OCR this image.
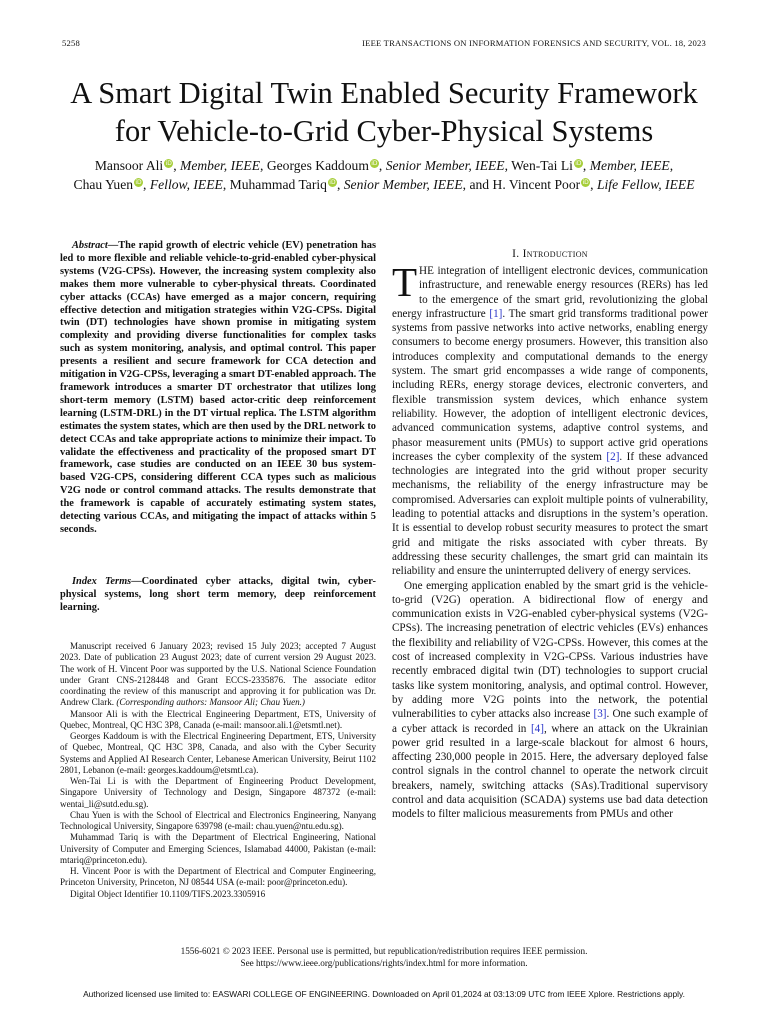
5258	IEEE TRANSACTIONS ON INFORMATION FORENSICS AND SECURITY, VOL. 18, 2023
A Smart Digital Twin Enabled Security Framework
for Vehicle-to-Grid Cyber-Physical Systems
Mansoor Ali iD, Member, IEEE, Georges Kaddoum iD, Senior Member, IEEE, Wen-Tai Li iD, Member, IEEE,
Chau Yuen iD, Fellow, IEEE, Muhammad Tariq iD, Senior Member, IEEE, and H. Vincent Poor iD, Life Fellow, IEEE

Abstract—The rapid growth of electric vehicle (EV) penetration has led to more flexible and reliable vehicle-to-grid-enabled cyber-physical systems (V2G-CPSs). However, the increasing system complexity also makes them more vulnerable to cyber-physical threats. Coordinated cyber attacks (CCAs) have emerged as a major concern, requiring effective detection and mitigation strategies within V2G-CPSs. Digital twin (DT) technologies have shown promise in mitigating system complexity and providing diverse functionalities for complex tasks such as system monitoring, analysis, and optimal control. This paper presents a resilient and secure framework for CCA detection and mitigation in V2G-CPSs, leveraging a smart DT-enabled approach. The framework introduces a smarter DT orchestrator that utilizes long short-term memory (LSTM) based actor-critic deep reinforcement learning (LSTM-DRL) in the DT virtual replica. The LSTM algorithm estimates the system states, which are then used by the DRL network to detect CCAs and take appropriate actions to minimize their impact. To validate the effectiveness and practicality of the proposed smart DT framework, case studies are conducted on an IEEE 30 bus system-based V2G-CPS, considering different CCA types such as malicious V2G node or control command attacks. The results demonstrate that the framework is capable of accurately estimating system states, detecting various CCAs, and mitigating the impact of attacks within 5 seconds.

Index Terms—Coordinated cyber attacks, digital twin, cyber-physical systems, long short term memory, deep reinforcement learning.

Manuscript received 6 January 2023; revised 15 July 2023; accepted 7 August 2023. Date of publication 23 August 2023; date of current version 29 August 2023. The work of H. Vincent Poor was supported by the U.S. National Science Foundation under Grant CNS-2128448 and Grant ECCS-2335876. The associate editor coordinating the review of this manuscript and approving it for publication was Dr. Andrew Clark. (Corresponding authors: Mansoor Ali; Chau Yuen.)

Mansoor Ali is with the Electrical Engineering Department, ETS, University of Quebec, Montreal, QC H3C 3P8, Canada (e-mail: mansoor.ali.1@etsmtl.net).

Georges Kaddoum is with the Electrical Engineering Department, ETS, University of Quebec, Montreal, QC H3C 3P8, Canada, and also with the Cyber Security Systems and Applied AI Research Center, Lebanese American University, Beirut 1102 2801, Lebanon (e-mail: georges.kaddoum@etsmtl.ca).

Wen-Tai Li is with the Department of Engineering Product Development, Singapore University of Technology and Design, Singapore 487372 (e-mail: wentai_li@sutd.edu.sg).

Chau Yuen is with the School of Electrical and Electronics Engineering, Nanyang Technological University, Singapore 639798 (e-mail: chau.yuen@ntu.edu.sg).

Muhammad Tariq is with the Department of Electrical Engineering, National University of Computer and Emerging Sciences, Islamabad 44000, Pakistan (e-mail: mtariq@princeton.edu).

H. Vincent Poor is with the Department of Electrical and Computer Engineering, Princeton University, Princeton, NJ 08544 USA (e-mail: poor@princeton.edu).

Digital Object Identifier 10.1109/TIFS.2023.3305916

I. Introduction

THE integration of intelligent electronic devices, communication infrastructure, and renewable energy resources (RERs) has led to the emergence of the smart grid, revolutionizing the global energy infrastructure [1]. The smart grid transforms traditional power systems from passive networks into active networks, enabling energy consumers to become energy prosumers. However, this transition also introduces complexity and computational demands to the energy system. The smart grid encompasses a wide range of components, including RERs, energy storage devices, electronic converters, and flexible transmission system devices, which enhance system reliability. However, the adoption of intelligent electronic devices, advanced communication systems, adaptive control systems, and phasor measurement units (PMUs) to support active grid operations increases the cyber complexity of the system [2]. If these advanced technologies are integrated into the grid without proper security mechanisms, the reliability of the energy infrastructure may be compromised. Adversaries can exploit multiple points of vulnerability, leading to potential attacks and disruptions in the system’s operation. It is essential to develop robust security measures to protect the smart grid and mitigate the risks associated with cyber threats. By addressing these security challenges, the smart grid can maintain its reliability and ensure the uninterrupted delivery of energy services.

One emerging application enabled by the smart grid is the vehicle-to-grid (V2G) operation. A bidirectional flow of energy and communication exists in V2G-enabled cyber-physical systems (V2G-CPSs). The increasing penetration of electric vehicles (EVs) enhances the flexibility and reliability of V2G-CPSs. However, this comes at the cost of increased complexity in V2G-CPSs. Various industries have recently embraced digital twin (DT) technologies to support crucial tasks like system monitoring, analysis, and optimal control. However, by adding more V2G points into the network, the potential vulnerabilities to cyber attacks also increase [3]. One such example of a cyber attack is recorded in [4], where an attack on the Ukrainian power grid resulted in a large-scale blackout for almost 6 hours, affecting 230,000 people in 2015. Here, the adversary deployed false control signals in the control channel to operate the network circuit breakers, namely, switching attacks (SAs).Traditional supervisory control and data acquisition (SCADA) systems use bad data detection models to filter malicious measurements from PMUs and other

1556-6021 © 2023 IEEE. Personal use is permitted, but republication/redistribution requires IEEE permission.
See https://www.ieee.org/publications/rights/index.html for more information.
Authorized licensed use limited to: EASWARI COLLEGE OF ENGINEERING. Downloaded on April 01,2024 at 03:13:09 UTC from IEEE Xplore. Restrictions apply.
